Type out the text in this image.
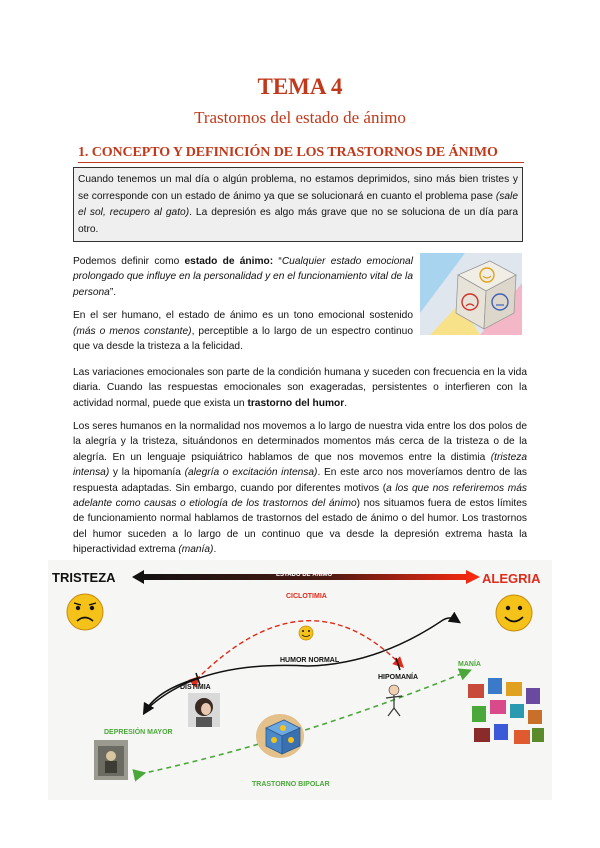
TEMA 4
Trastornos del estado de ánimo
1. CONCEPTO Y DEFINICIÓN DE LOS TRASTORNOS DE ÁNIMO
Cuando tenemos un mal día o algún problema, no estamos deprimidos, sino más bien tristes y se corresponde con un estado de ánimo ya que se solucionará en cuanto el problema pase (sale el sol, recupero al gato). La depresión es algo más grave que no se soluciona de un día para otro.

Podemos definir como estado de ánimo: “Cualquier estado emocional prolongado que influye en la personalidad y en el funcionamiento vital de la persona”.

En el ser humano, el estado de ánimo es un tono emocional sostenido (más o menos constante), perceptible a lo largo de un espectro continuo que va desde la tristeza a la felicidad.

Las variaciones emocionales son parte de la condición humana y suceden con frecuencia en la vida diaria. Cuando las respuestas emocionales son exageradas, persistentes o interfieren con la actividad normal, puede que exista un trastorno del humor.

Los seres humanos en la normalidad nos movemos a lo largo de nuestra vida entre los dos polos de la alegría y la tristeza, situándonos en determinados momentos más cerca de la tristeza o de la alegría. En un lenguaje psiquiátrico hablamos de que nos movemos entre la distimia (tristeza intensa) y la hipomanía (alegría o excitación intensa). En este arco nos moveríamos dentro de las respuesta adaptadas. Sin embargo, cuando por diferentes motivos (a los que nos referiremos más adelante como causas o etiología de los trastornos del ánimo) nos situamos fuera de estos límites de funcionamiento normal hablamos de trastornos del estado de ánimo o del humor. Los trastornos del humor suceden a lo largo de un continuo que va desde la depresión extrema hasta la hiperactividad extrema (manía).

TRISTEZA	ALEGRIA
ESTADO DE ÁNIMO
CICLOTIMIA
HUMOR NORMAL
DISTIMIA
HIPOMANÍA
MANÍA
DEPRESIÓN MAYOR
TRASTORNO BIPOLAR
